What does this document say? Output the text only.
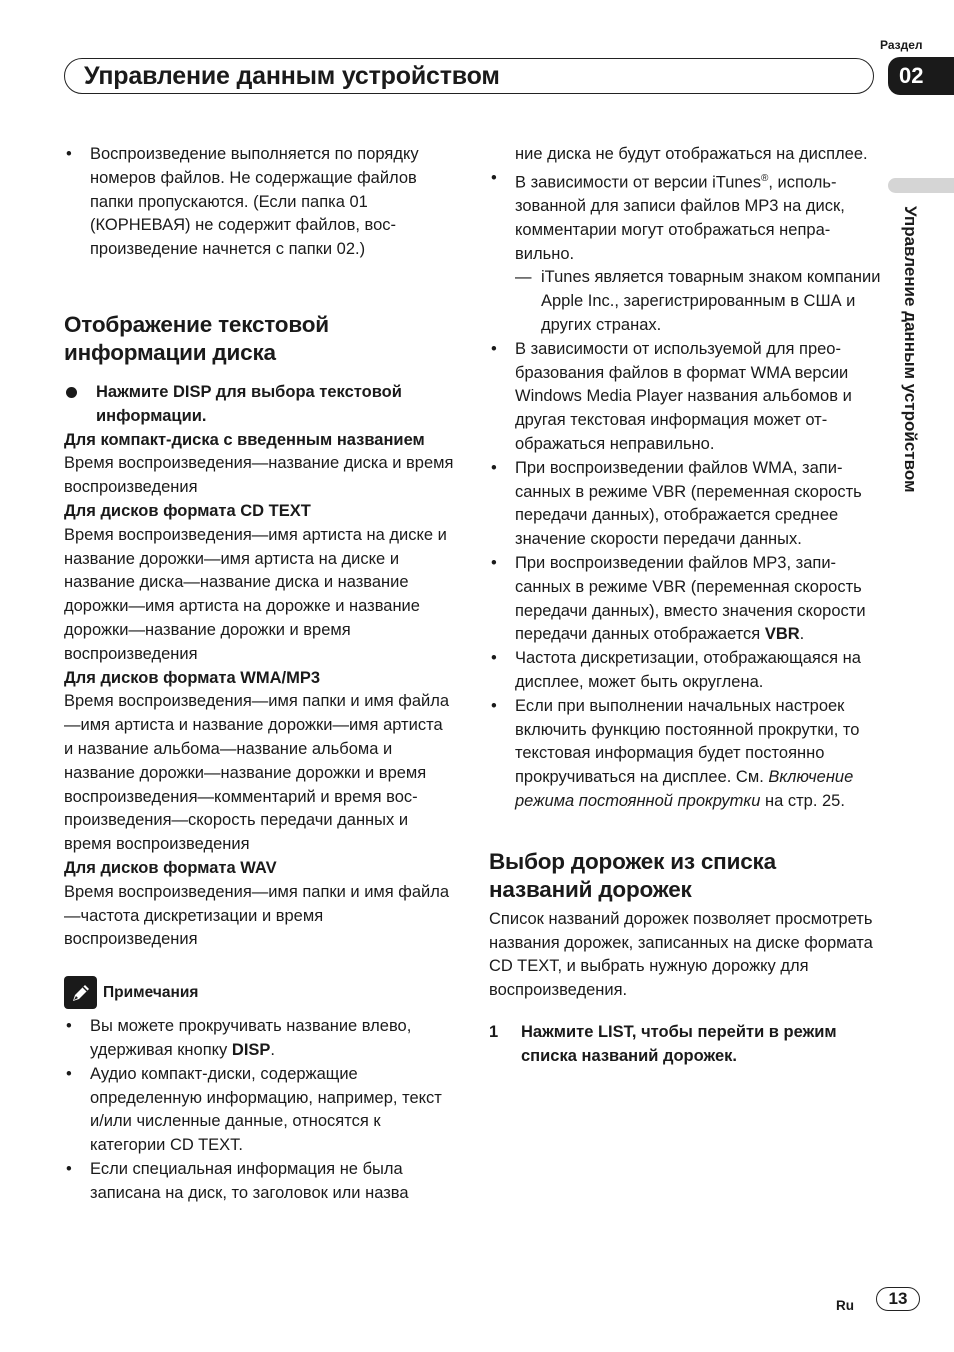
Раздел
Управление данным устройством	02
Управление данным устройством

• Воспроизведение выполняется по порядку номеров файлов. Не содержащие файлов папки пропускаются. (Если папка 01 (КОРНЕВАЯ) не содержит файлов, воспроизведение начнется с папки 02.)

Отображение текстовой
информации диска

Нажмите DISP для выбора текстовой информации.

Для компакт-диска с введенным названием

Время воспроизведения—название диска и время воспроизведения

Для дисков формата CD TEXT

Время воспроизведения—имя артиста на диске и название дорожки—имя артиста на диске и название диска—название диска и название дорожки—имя артиста на дорожке и название дорожки—название дорожки и время воспроизведения

Для дисков формата WMA/MP3

Время воспроизведения—имя папки и имя файла—имя артиста и название дорожки—имя артиста и название альбома—название альбома и название дорожки—название дорожки и время воспроизведения—комментарий и время воспроизведения—скорость передачи данных и время воспроизведения

Для дисков формата WAV

Время воспроизведения—имя папки и имя файла—частота дискретизации и время воспроизведения

Примечания

• Вы можете прокручивать название влево, удерживая кнопку DISP.

• Аудио компакт-диски, содержащие определенную информацию, например, текст и/или численные данные, относятся к категории CD TEXT.

• Если специальная информация не была записана на диск, то заголовок или назва

ние диска не будут отображаться на дисплее.

• В зависимости от версии iTunes®, использованной для записи файлов MP3 на диск, комментарии могут отображаться неправильно.

— iTunes является товарным знаком компании Apple Inc., зарегистрированным в США и других странах.

• В зависимости от используемой для преобразования файлов в формат WMA версии Windows Media Player названия альбомов и другая текстовая информация может отображаться неправильно.

• При воспроизведении файлов WMA, записанных в режиме VBR (переменная скорость передачи данных), отображается среднее значение скорости передачи данных.

• При воспроизведении файлов MP3, записанных в режиме VBR (переменная скорость передачи данных), вместо значения скорости передачи данных отображается VBR.

• Частота дискретизации, отображающаяся на дисплее, может быть округлена.

• Если при выполнении начальных настроек включить функцию постоянной прокрутки, то текстовая информация будет постоянно прокручиваться на дисплее. См. Включение режима постоянной прокрутки на стр. 25.

Выбор дорожек из списка
названий дорожек

Список названий дорожек позволяет просмотреть названия дорожек, записанных на диске формата CD TEXT, и выбрать нужную дорожку для воспроизведения.

1 Нажмите LIST, чтобы перейти в режим списка названий дорожек.

Ru	13
